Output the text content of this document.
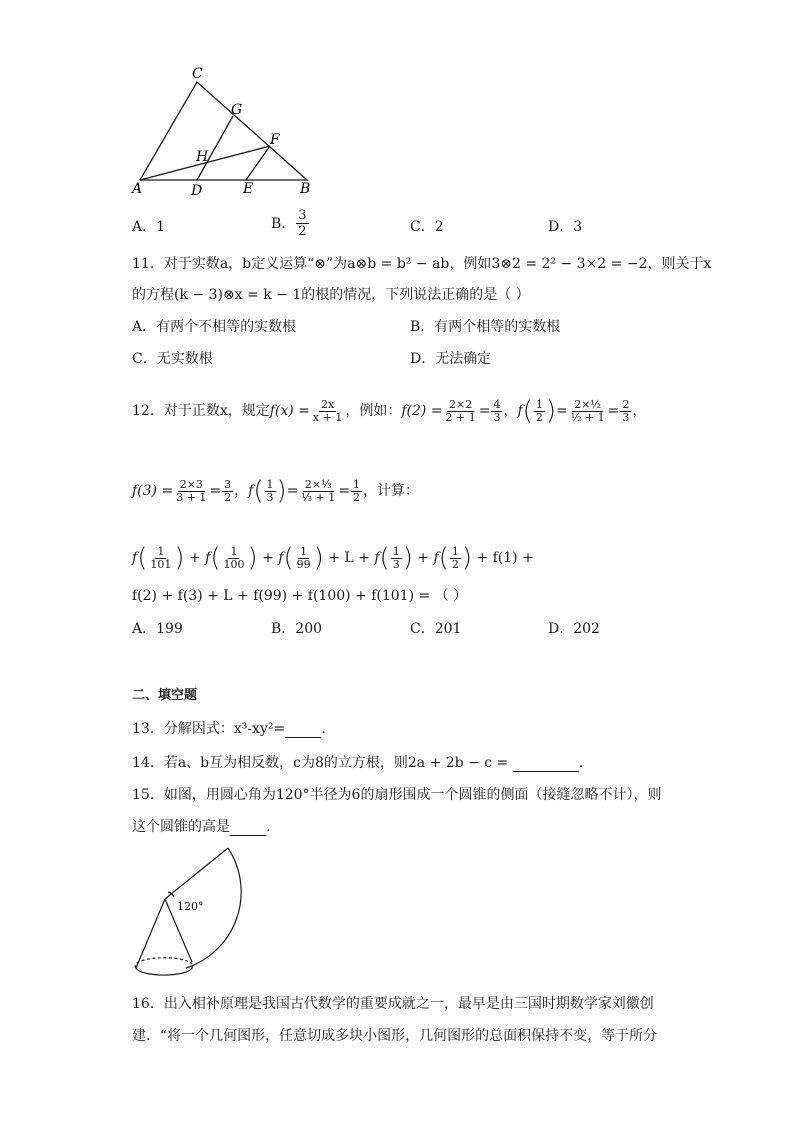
C
G
F
H
A	D	E	B
A．1	B． $\frac{3}{2}$	C．2	D．3
11．对于实数a，b定义运算“⊗”为a⊗b = b² − ab，例如3⊗2 = 2² − 3×2 = −2，则关于x
的方程(k − 3)⊗x = k − 1的根的情况，下列说法正确的是（ ）
A．有两个不相等的实数根	B．有两个相等的实数根
C．无实数根	D．无法确定
12．对于正数x，规定 $f(x) = \frac{2x}{x + 1}$ ，例如： $f(2) = \frac{2\times 2}{2 + 1} = \frac{4}{3}$ ， f ( $\frac{1}{2}$ ) = $\frac{\text{2×½}}{\text{½ + 1}} = \frac{2}{3}$ ，
$f(3) = \frac{2\times 3}{3 + 1} = \frac{3}{2}$ ， f ( $\frac{1}{3}$ ) = $\frac{\text{2×⅓}}{\text{⅓ + 1}} = \frac{1}{2}$ ，计算：
f ( $\frac{1}{101}$ ) + f ( $\frac{1}{100}$ ) + f ( $\frac{1}{99}$ ) + L + f ( $\frac{1}{3}$ ) + f ( $\frac{1}{2}$ )
+ f(1) +
f(2) + f(3) + L + f(99) + f(100) + f(101) = （ ）
A．199	B．200	C．201	D．202
二、填空题
13．分解因式：x³-xy²=	.
14．若a、b互为相反数，c为8的立方根，则2a + 2b − c =	.
15．如图，用圆心角为120°半径为6的扇形围成一个圆锥的侧面（接缝忽略不计），则
这个圆锥的高是	.
120°
16．出入相补原理是我国古代数学的重要成就之一，最早是由三国时期数学家刘徽创
建．“将一个几何图形，任意切成多块小图形，几何图形的总面积保持不变，等于所分
